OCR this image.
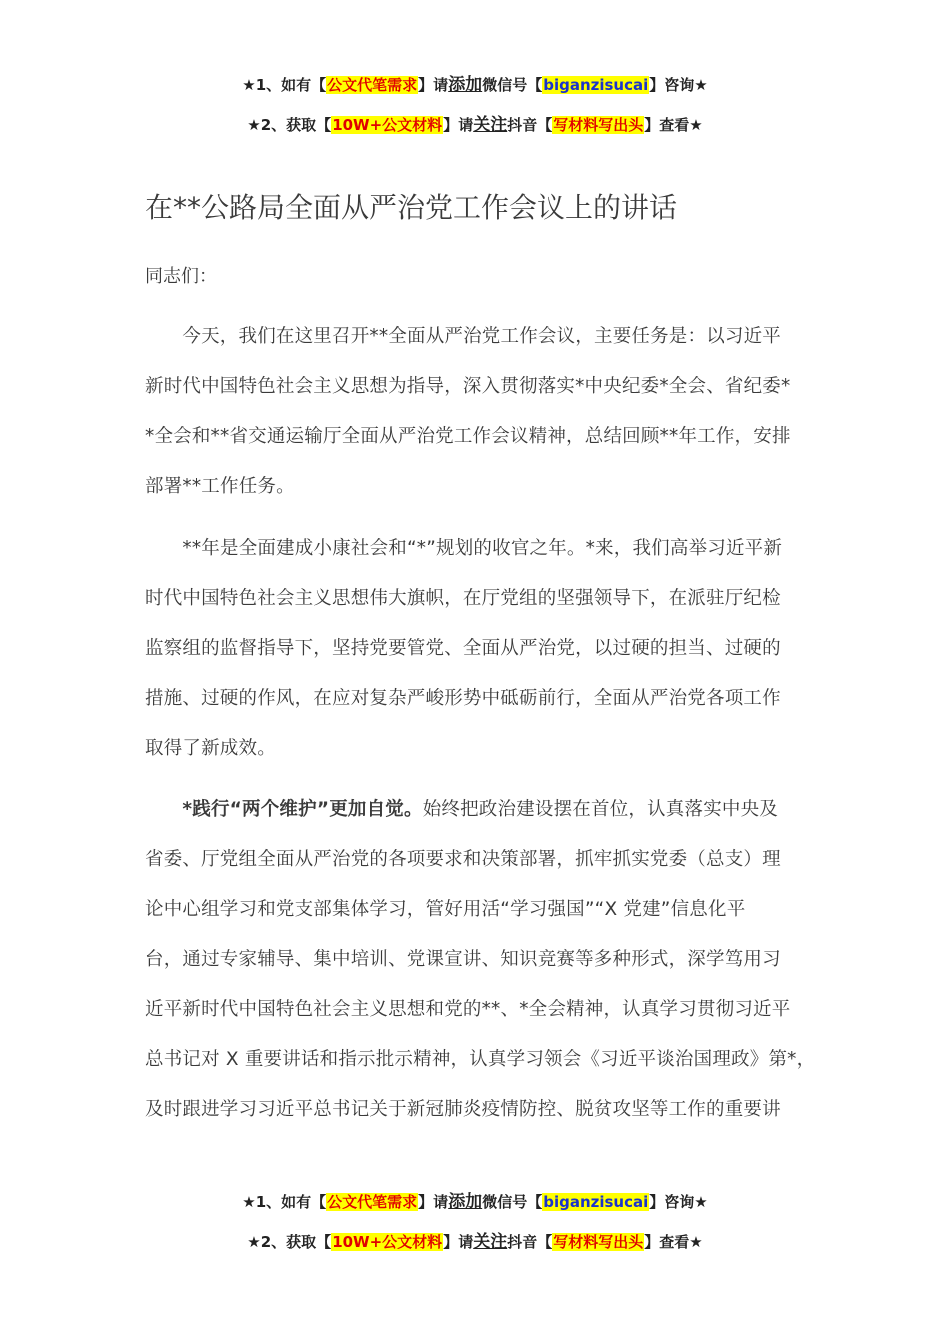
★1、如有【公文代笔需求】请添加微信号【biganzisucai】咨询★
★2、获取【10W+公文材料】请关注抖音【写材料写出头】查看★
在**公路局全面从严治党工作会议上的讲话
同志们：
　　今天，我们在这里召开**全面从严治党工作会议，主要任务是：以习近平
新时代中国特色社会主义思想为指导，深入贯彻落实*中央纪委*全会、省纪委*
*全会和**省交通运输厅全面从严治党工作会议精神，总结回顾**年工作，安排
部署**工作任务。
　　**年是全面建成小康社会和“*”规划的收官之年。*来，我们高举习近平新
时代中国特色社会主义思想伟大旗帜，在厅党组的坚强领导下，在派驻厅纪检
监察组的监督指导下，坚持党要管党、全面从严治党，以过硬的担当、过硬的
措施、过硬的作风，在应对复杂严峻形势中砥砺前行，全面从严治党各项工作
取得了新成效。
　　*践行“两个维护”更加自觉。始终把政治建设摆在首位，认真落实中央及
省委、厅党组全面从严治党的各项要求和决策部署，抓牢抓实党委（总支）理
论中心组学习和党支部集体学习，管好用活“学习强国”“X 党建”信息化平
台，通过专家辅导、集中培训、党课宣讲、知识竞赛等多种形式，深学笃用习
近平新时代中国特色社会主义思想和党的**、*全会精神，认真学习贯彻习近平
总书记对 X 重要讲话和指示批示精神，认真学习领会《习近平谈治国理政》第*，
及时跟进学习习近平总书记关于新冠肺炎疫情防控、脱贫攻坚等工作的重要讲
★1、如有【公文代笔需求】请添加微信号【biganzisucai】咨询★
★2、获取【10W+公文材料】请关注抖音【写材料写出头】查看★
